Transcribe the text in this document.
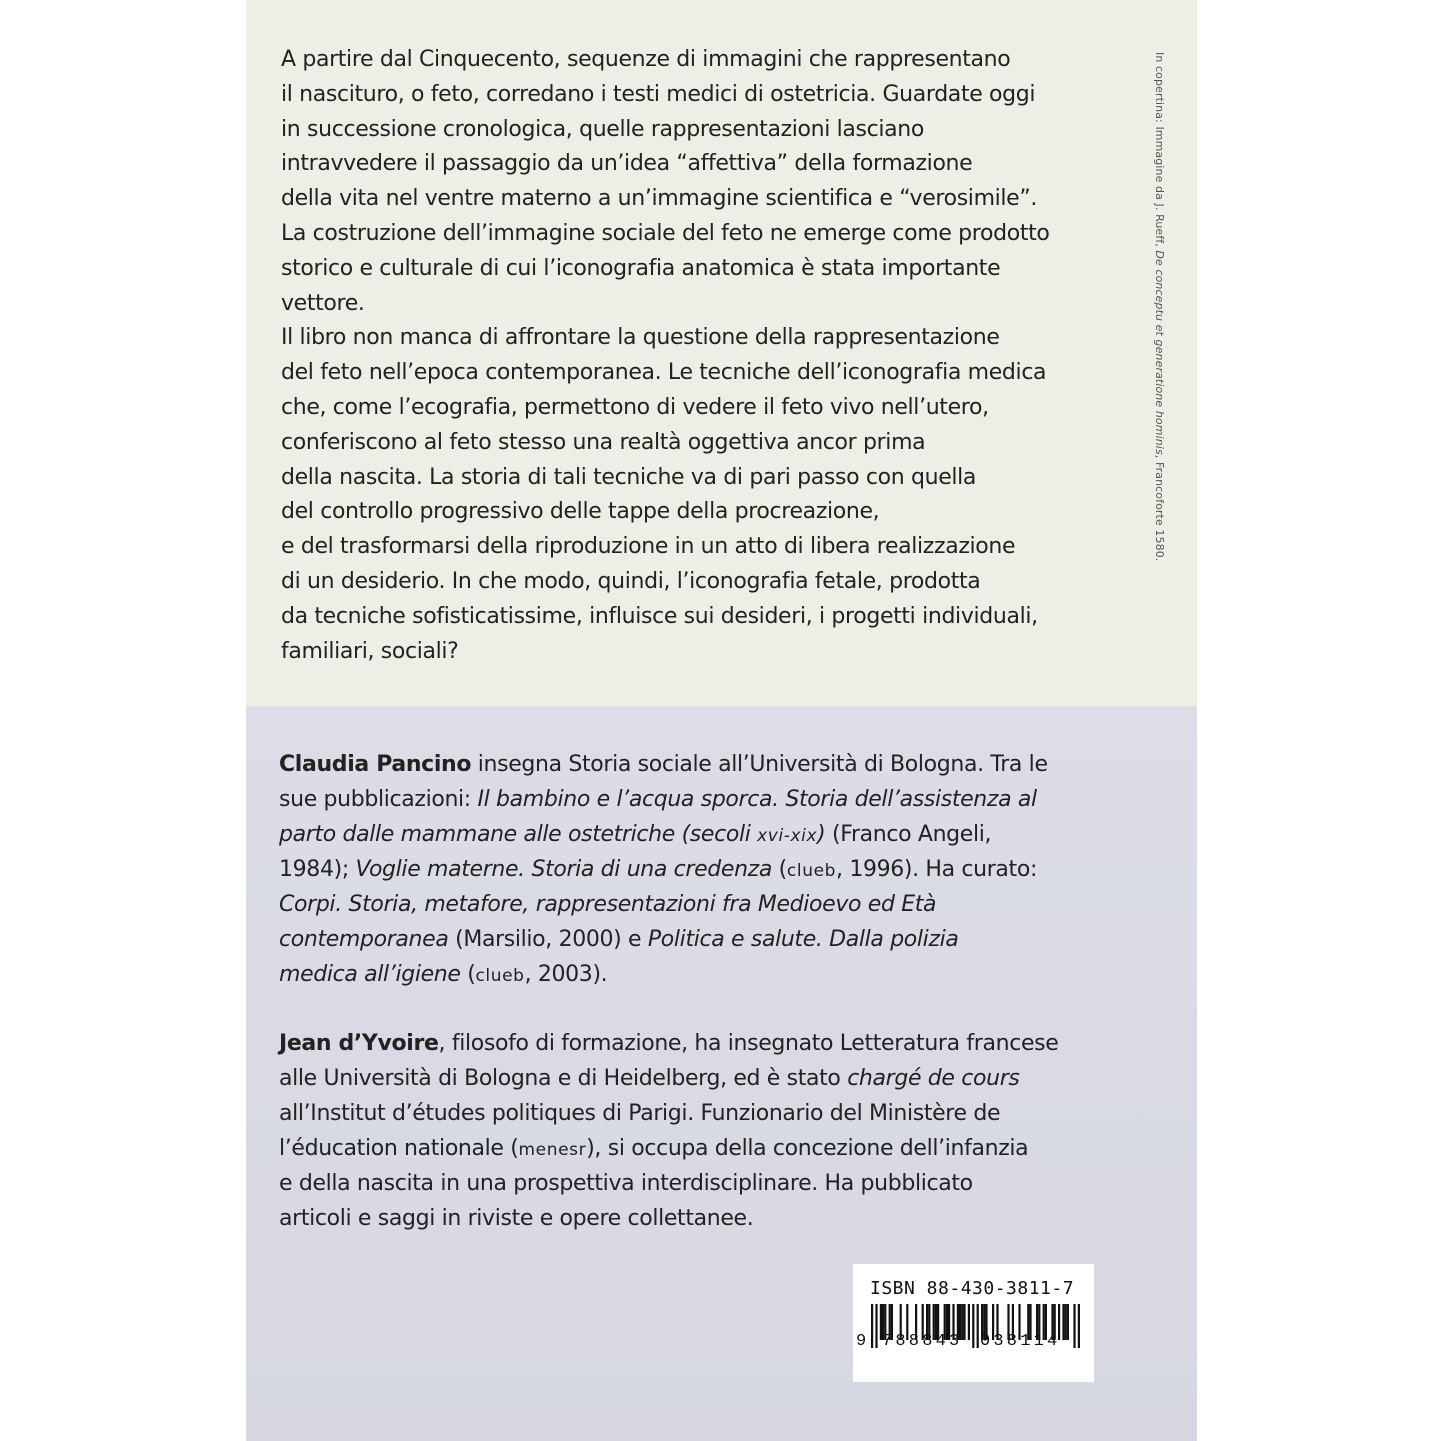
A partire dal Cinquecento, sequenze di immagini che rappresentano
il nascituro, o feto, corredano i testi medici di ostetricia. Guardate oggi
in successione cronologica, quelle rappresentazioni lasciano
intravvedere il passaggio da un’idea “affettiva” della formazione
della vita nel ventre materno a un’immagine scientifica e “verosimile”.
La costruzione dell’immagine sociale del feto ne emerge come prodotto
storico e culturale di cui l’iconografia anatomica è stata importante
vettore.
Il libro non manca di affrontare la questione della rappresentazione
del feto nell’epoca contemporanea. Le tecniche dell’iconografia medica
che, come l’ecografia, permettono di vedere il feto vivo nell’utero,
conferiscono al feto stesso una realtà oggettiva ancor prima
della nascita. La storia di tali tecniche va di pari passo con quella
del controllo progressivo delle tappe della procreazione,
e del trasformarsi della riproduzione in un atto di libera realizzazione
di un desiderio. In che modo, quindi, l’iconografia fetale, prodotta
da tecniche sofisticatissime, influisce sui desideri, i progetti individuali,
familiari, sociali?
In copertina: Immagine da J. Rueff, De conceptu et generatione hominis, Francoforte 1580.
Claudia Pancino insegna Storia sociale all’Università di Bologna. Tra le
sue pubblicazioni: Il bambino e l’acqua sporca. Storia dell’assistenza al
parto dalle mammane alle ostetriche (secoli xvi-xix) (Franco Angeli,
1984); Voglie materne. Storia di una credenza (clueb, 1996). Ha curato:
Corpi. Storia, metafore, rappresentazioni fra Medioevo ed Età
contemporanea (Marsilio, 2000) e Politica e salute. Dalla polizia
medica all’igiene (clueb, 2003).
Jean d’Yvoire, filosofo di formazione, ha insegnato Letteratura francese
alle Università di Bologna e di Heidelberg, ed è stato chargé de cours
all’Institut d’études politiques di Parigi. Funzionario del Ministère de
l’éducation nationale (menesr), si occupa della concezione dell’infanzia
e della nascita in una prospettiva interdisciplinare. Ha pubblicato
articoli e saggi in riviste e opere collettanee.
ISBN 88-430-3811-7
9 788843 038114
